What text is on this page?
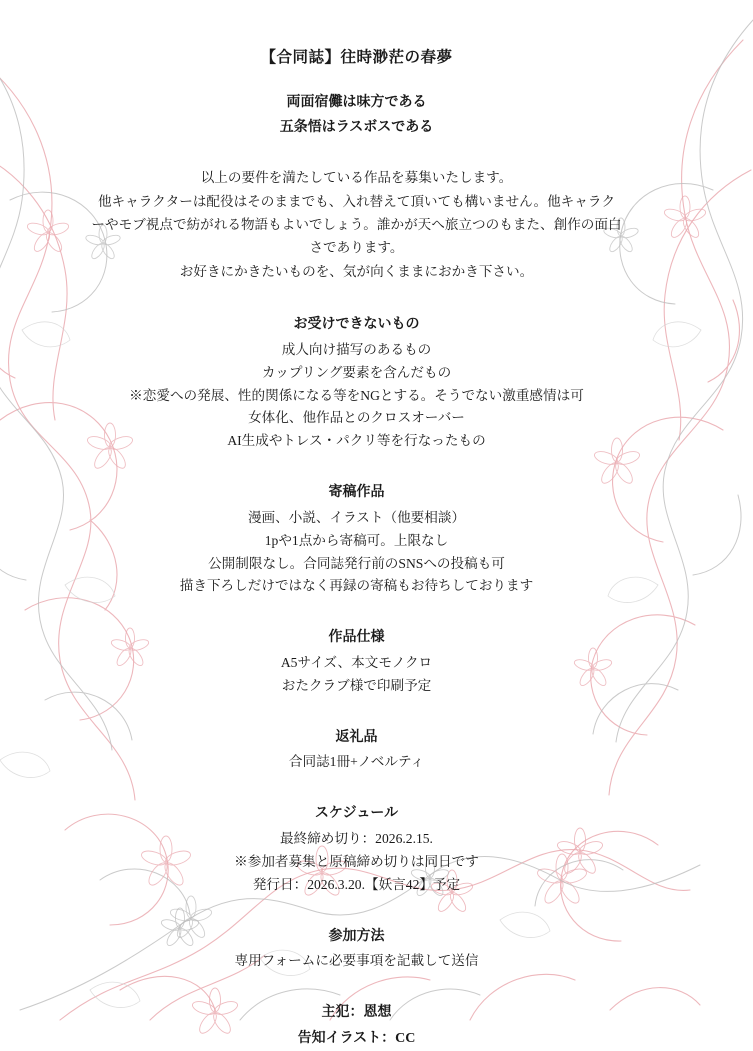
【合同誌】往時渺茫の春夢
両面宿儺は味方である
五条悟はラスボスである
以上の要件を満たしている作品を募集いたします。
他キャラクターは配役はそのままでも、入れ替えて頂いても構いません。他キャラク
ーやモブ視点で紡がれる物語もよいでしょう。誰かが天へ旅立つのもまた、創作の面白
さであります。
お好きにかきたいものを、気が向くままにおかき下さい。
お受けできないもの
成人向け描写のあるもの
カップリング要素を含んだもの
※恋愛への発展、性的関係になる等をNGとする。そうでない激重感情は可
女体化、他作品とのクロスオーバー
AI生成やトレス・パクリ等を行なったもの
寄稿作品
漫画、小説、イラスト（他要相談）
1pや1点から寄稿可。上限なし
公開制限なし。合同誌発行前のSNSへの投稿も可
描き下ろしだけではなく再録の寄稿もお待ちしております
作品仕様
A5サイズ、本文モノクロ
おたクラブ様で印刷予定
返礼品
合同誌1冊+ノベルティ
スケジュール
最終締め切り：2026.2.15.
※参加者募集と原稿締め切りは同日です
発行日：2026.3.20.【妖言42】予定
参加方法
専用フォームに必要事項を記載して送信
主犯：恩想
告知イラスト：CC
